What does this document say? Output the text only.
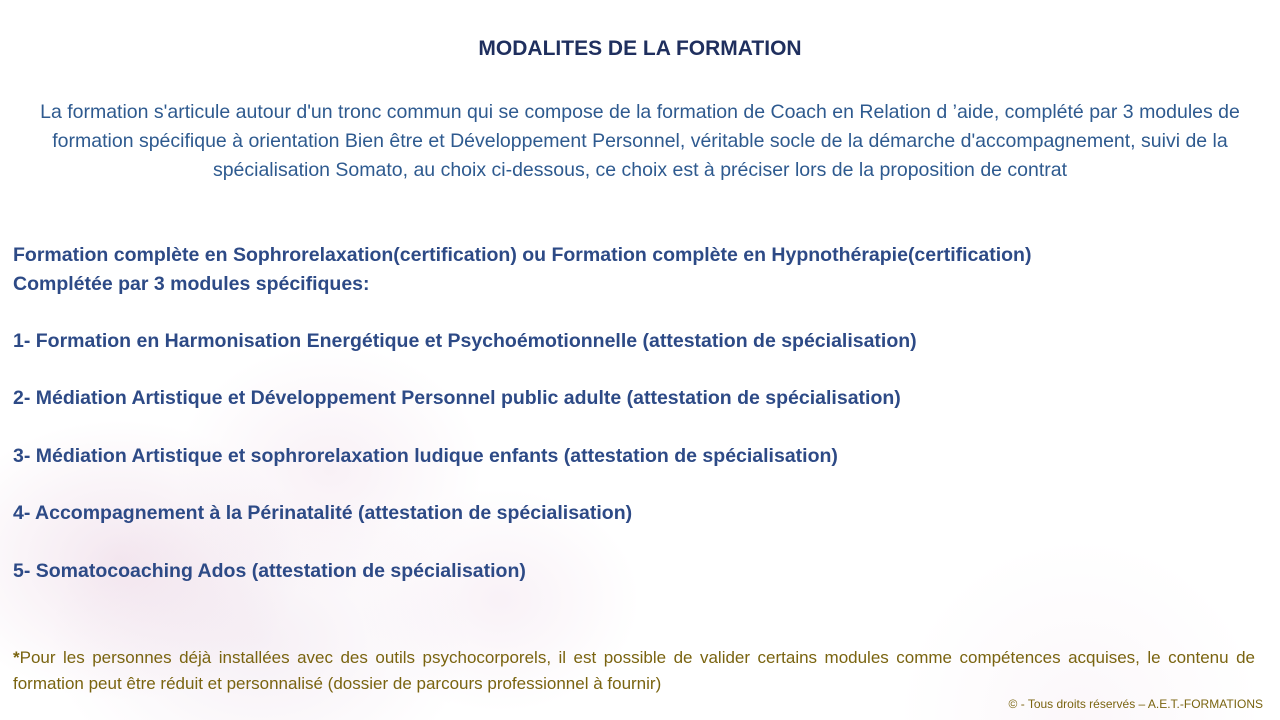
MODALITES DE LA FORMATION
La formation s'articule autour d'un tronc commun qui se compose de la formation de Coach en Relation d ’aide, complété par 3 modules de formation spécifique à orientation Bien être et Développement Personnel, véritable socle de la démarche d'accompagnement, suivi de la spécialisation Somato, au choix ci-dessous, ce choix est à préciser lors de la proposition de contrat
Formation complète en Sophrorelaxation(certification) ou Formation complète en Hypnothérapie(certification)
Complétée par 3 modules spécifiques:
1- Formation en Harmonisation Energétique et Psychoémotionnelle (attestation de spécialisation)
2- Médiation Artistique et Développement Personnel public adulte (attestation de spécialisation)
3- Médiation Artistique et sophrorelaxation ludique enfants (attestation de spécialisation)
4- Accompagnement à la Périnatalité (attestation de spécialisation)
5- Somatocoaching Ados (attestation de spécialisation)
*Pour les personnes déjà installées avec des outils psychocorporels, il est possible de valider certains modules comme compétences acquises, le contenu de formation peut être réduit et personnalisé (dossier de parcours professionnel à fournir)
© - Tous droits réservés – A.E.T.-FORMATIONS
